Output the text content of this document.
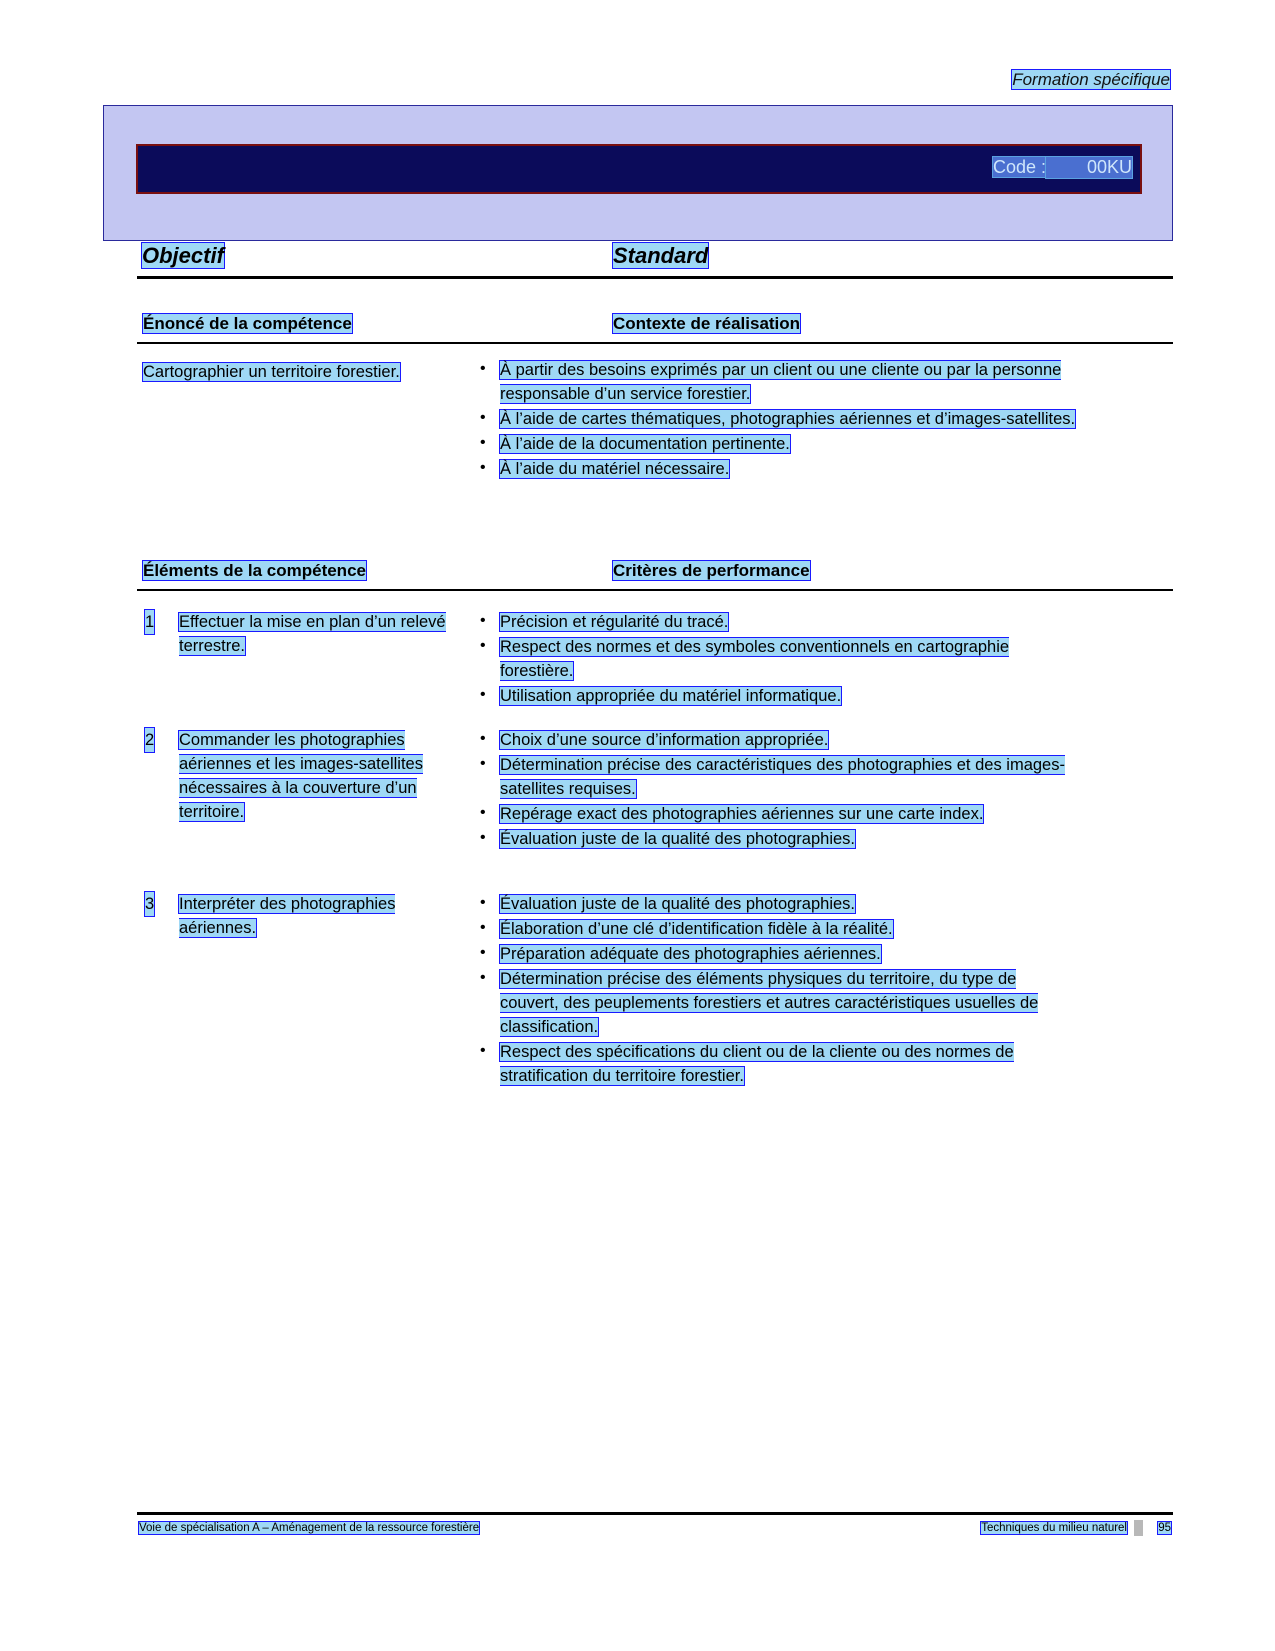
Formation spécifique
Code : 00KU
Objectif	Standard
Énoncé de la compétence	Contexte de réalisation
Cartographier un territoire forestier.	• À partir des besoins exprimés par un client ou une cliente ou par la personne responsable d’un service forestier.
• À l’aide de cartes thématiques, photographies aériennes et d’images-satellites.
• À l’aide de la documentation pertinente.
• À l’aide du matériel nécessaire.
Éléments de la compétence	Critères de performance
1 Effectuer la mise en plan d’un relevé terrestre.
• Précision et régularité du tracé.
• Respect des normes et des symboles conventionnels en cartographie forestière.
• Utilisation appropriée du matériel informatique.
2 Commander les photographies aériennes et les images-satellites nécessaires à la couverture d’un territoire.
• Choix d’une source d’information appropriée.
• Détermination précise des caractéristiques des photographies et des images-satellites requises.
• Repérage exact des photographies aériennes sur une carte index.
• Évaluation juste de la qualité des photographies.
3 Interpréter des photographies aériennes.
• Évaluation juste de la qualité des photographies.
• Élaboration d’une clé d’identification fidèle à la réalité.
• Préparation adéquate des photographies aériennes.
• Détermination précise des éléments physiques du territoire, du type de couvert, des peuplements forestiers et autres caractéristiques usuelles de classification.
• Respect des spécifications du client ou de la cliente ou des normes de stratification du territoire forestier.
Voie de spécialisation A – Aménagement de la ressource forestière	Techniques du milieu naturel	95
